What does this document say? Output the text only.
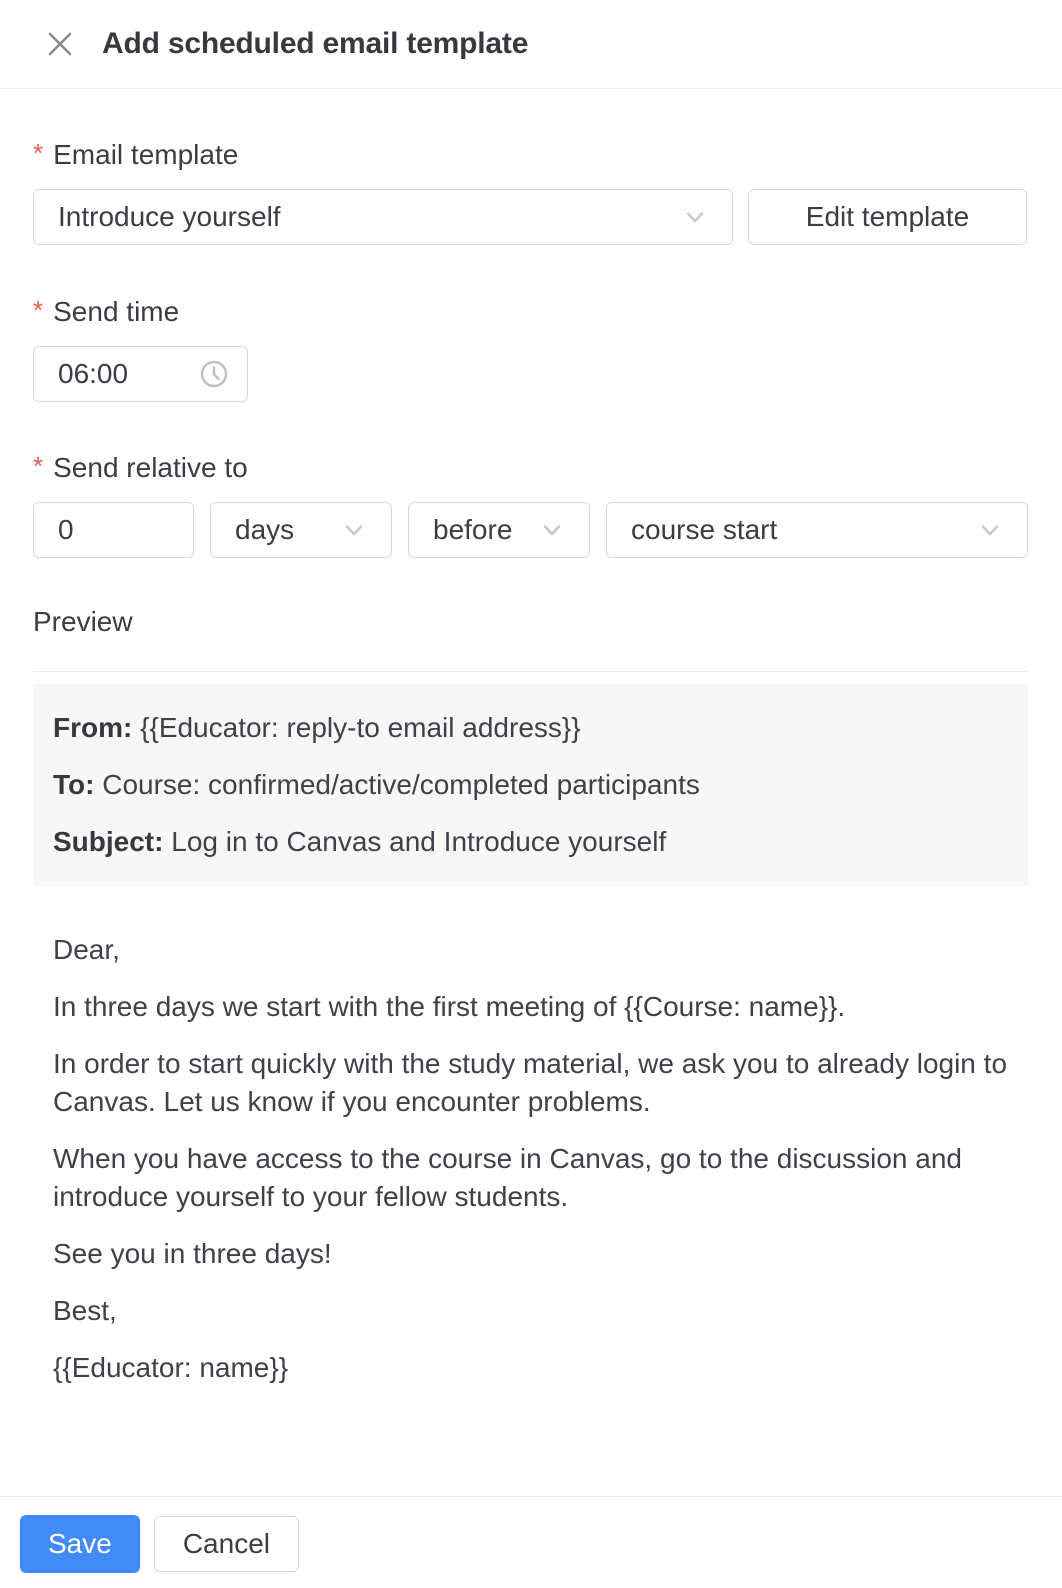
Add scheduled email template
* Email template
Introduce yourself	Edit template
* Send time
06:00
* Send relative to
0
days	before	course start
Preview

From: {{Educator: reply-to email address}}

To: Course: confirmed/active/completed participants

Subject: Log in to Canvas and Introduce yourself

Dear,

In three days we start with the first meeting of {{Course: name}}.

In order to start quickly with the study material, we ask you to already login to Canvas. Let us know if you encounter problems.

When you have access to the course in Canvas, go to the discussion and introduce yourself to your fellow students.

See you in three days!

Best,

{{Educator: name}}

Save	Cancel
